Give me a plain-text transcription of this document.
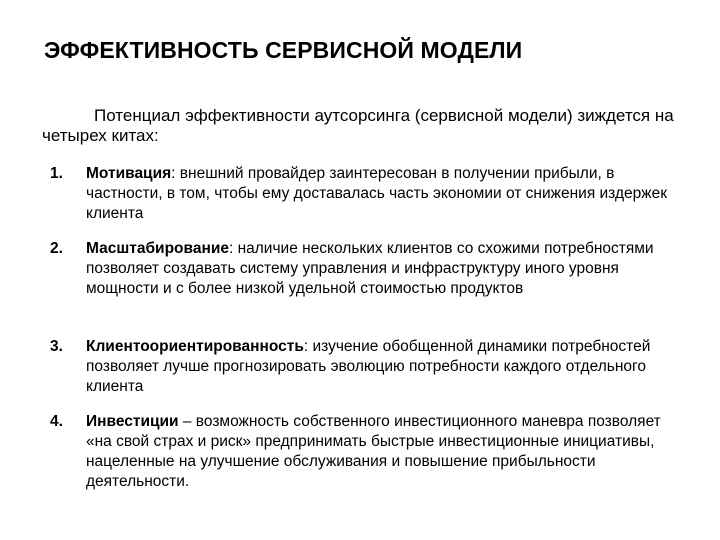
ЭФФЕКТИВНОСТЬ СЕРВИСНОЙ МОДЕЛИ
Потенциал эффективности аутсорсинга (сервисной модели) зиждется на четырех китах:
1. Мотивация: внешний провайдер заинтересован в получении прибыли, в частности, в том, чтобы ему доставалась часть экономии от снижения издержек клиента
2. Масштабирование: наличие нескольких клиентов со схожими потребностями позволяет создавать систему управления и инфраструктуру иного уровня мощности и с более низкой удельной стоимостью продуктов
3. Клиентоориентированность: изучение обобщенной динамики потребностей позволяет лучше прогнозировать эволюцию потребности каждого отдельного клиента
4. Инвестиции – возможность собственного инвестиционного маневра позволяет «на свой страх и риск» предпринимать быстрые инвестиционные инициативы, нацеленные на улучшение обслуживания и повышение прибыльности деятельности.
